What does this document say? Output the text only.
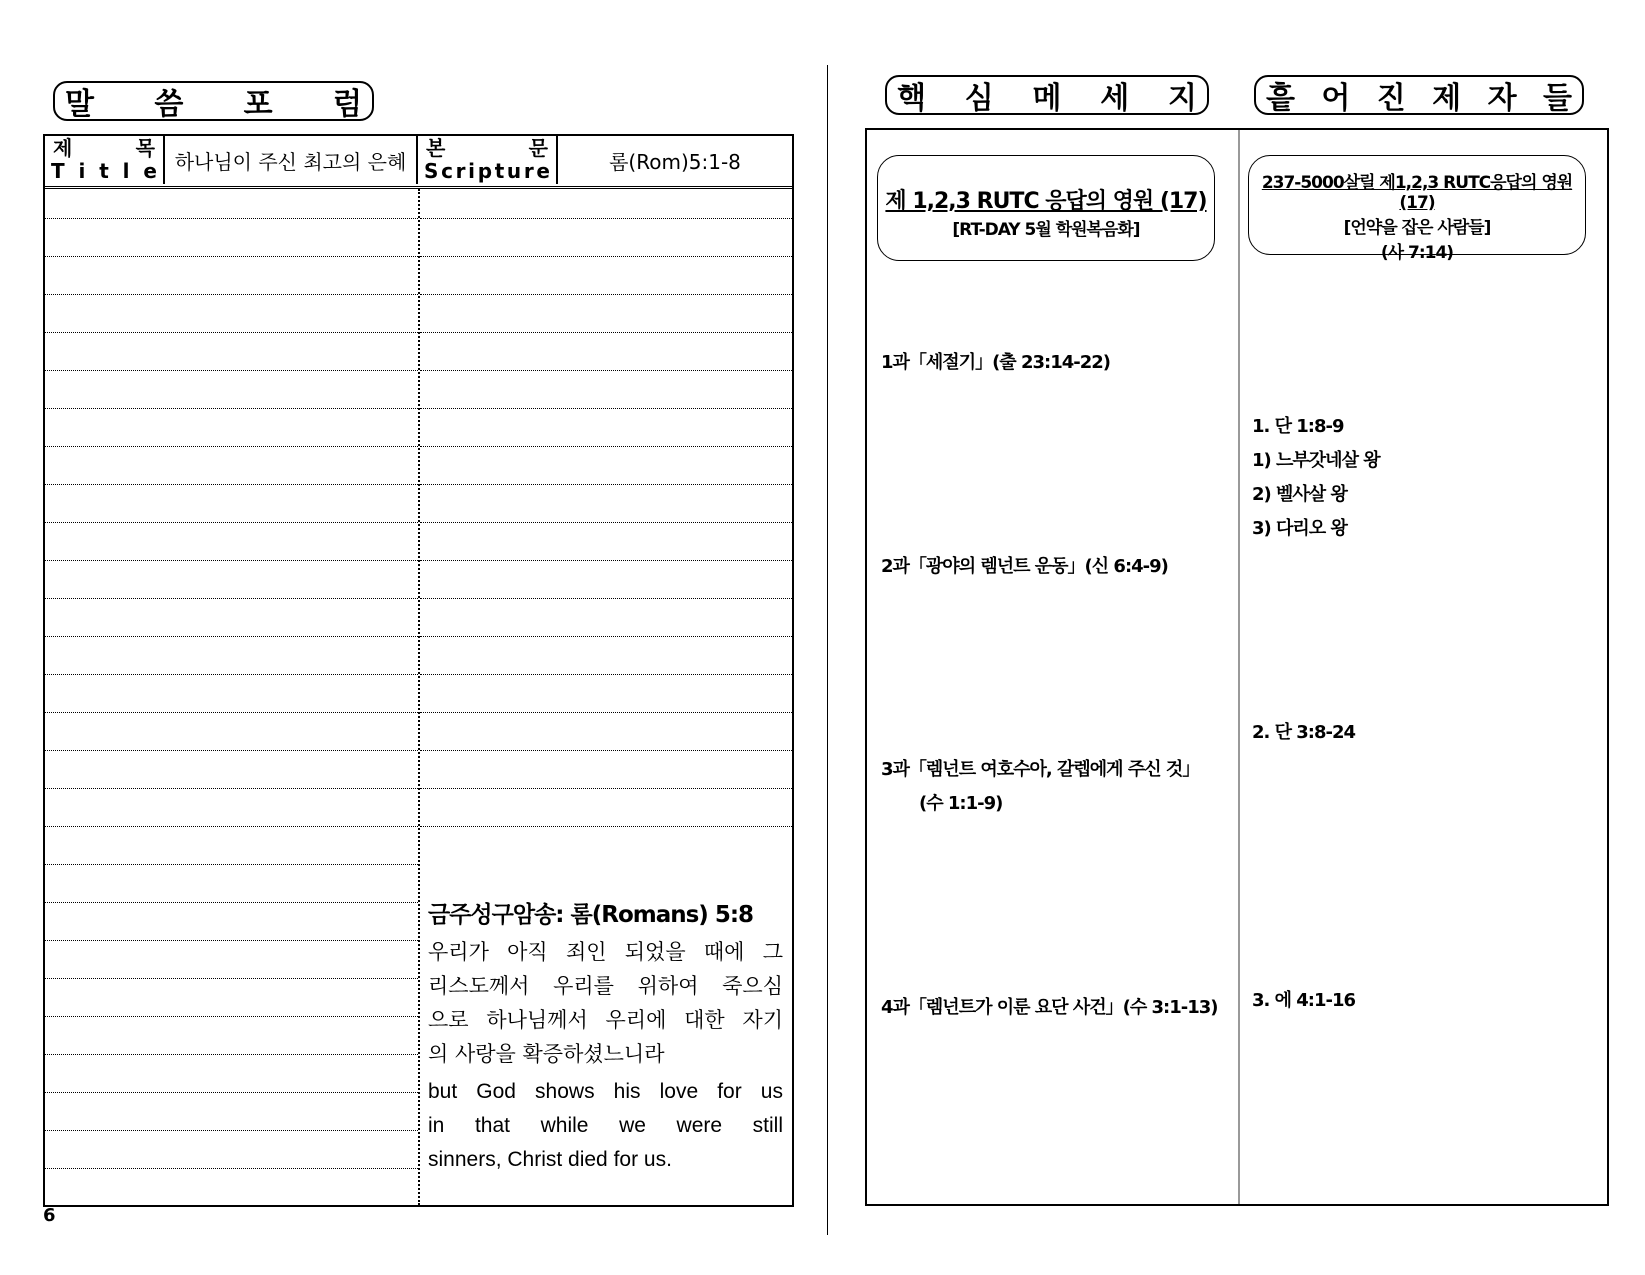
말 씀 포 럼
제	목
T i t l e 하나님이 주신 최고의 은혜
본	문
S c r i p t u r e	롬(Rom)5:1-8
금주성구암송: 롬(Romans) 5:8
우리가 아직 죄인 되었을 때에 그
리스도께서 우리를 위하여 죽으심
으로 하나님께서 우리에 대한 자기
의 사랑을 확증하셨느니라
but God shows his love for us
in that while we were still
sinners, Christ died for us.
6
핵 심 메 세 지 흩 어 진 제 자 들
제 1,2,3 RUTC 응답의 영원 (17)
[RT-DAY 5월 학원복음화]
237-5000살릴 제1,2,3 RUTC응답의 영원(17)
[언약을 잡은 사람들]
(사 7:14)
1과「세절기」(출 23:14-22)
2과「광야의 렘넌트 운동」(신 6:4-9)
3과「렘넌트 여호수아, 갈렙에게 주신 것」
(수 1:1-9)
4과「렘넌트가 이룬 요단 사건」(수 3:1-13)
1. 단 1:8-9
1) 느부갓네살 왕
2) 벨사살 왕
3) 다리오 왕
2. 단 3:8-24
3. 에 4:1-16
